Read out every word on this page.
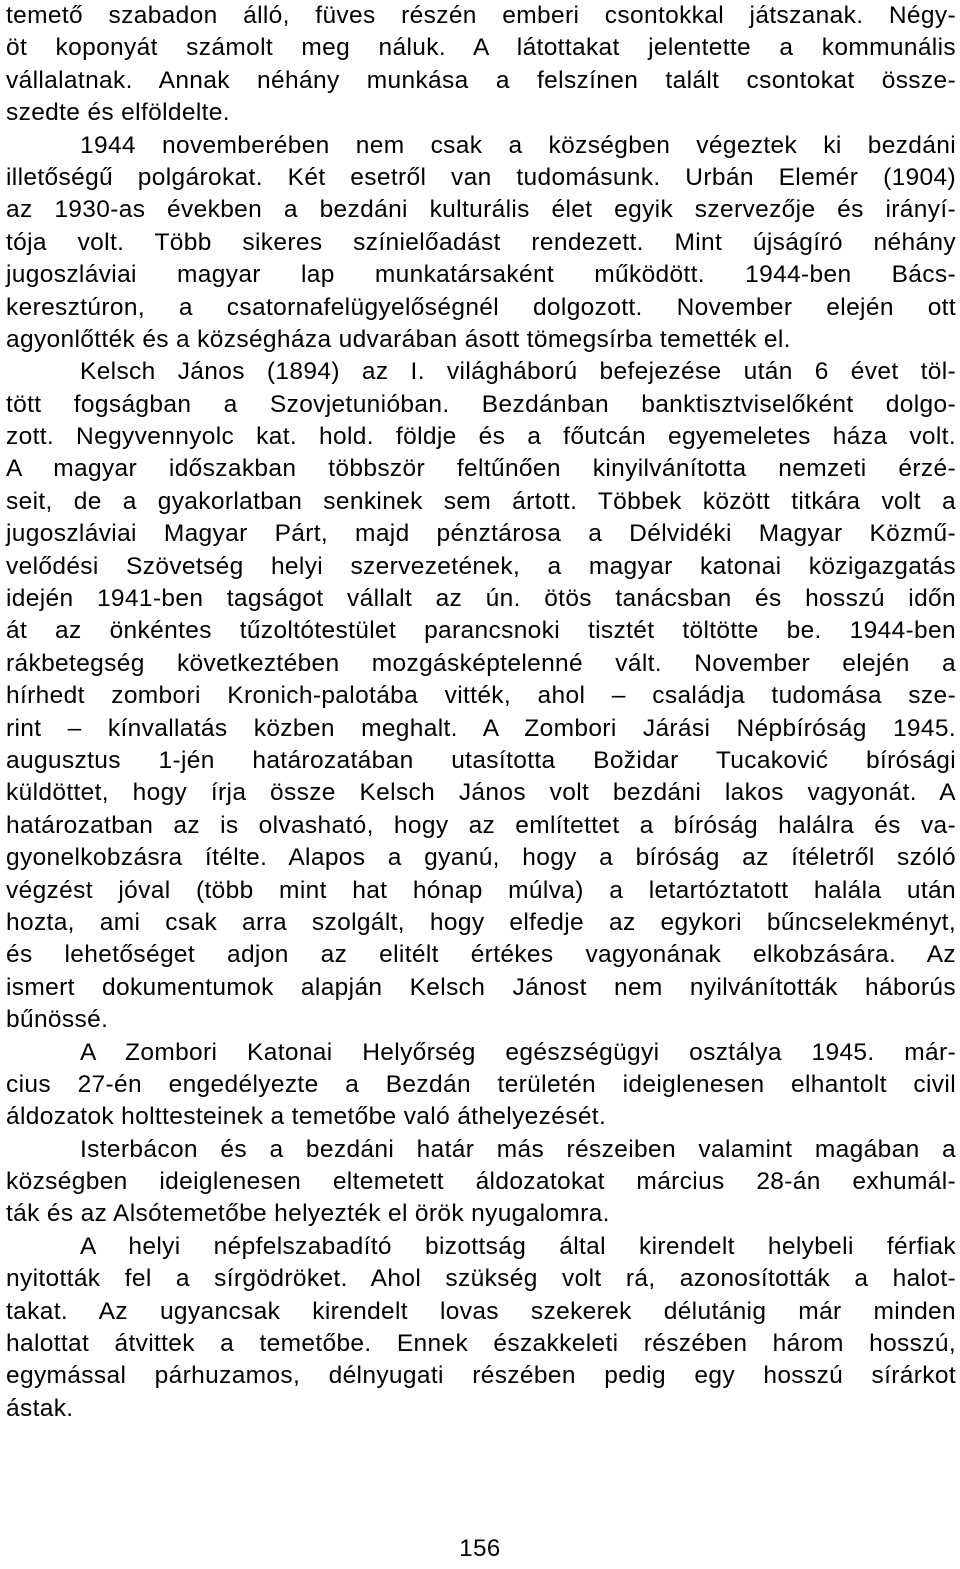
temető szabadon álló, füves részén emberi csontokkal játszanak. Négy-
öt koponyát számolt meg náluk. A látottakat jelentette a kommunális
vállalatnak. Annak néhány munkása a felszínen talált csontokat össze-
szedte és elföldelte.
1944 novemberében nem csak a községben végeztek ki bezdáni
illetőségű polgárokat. Két esetről van tudomásunk. Urbán Elemér (1904)
az 1930-as években a bezdáni kulturális élet egyik szervezője és irányí-
tója volt. Több sikeres színielőadást rendezett. Mint újságíró néhány
jugoszláviai magyar lap munkatársaként működött. 1944-ben Bács-
keresztúron, a csatornafelügyelőségnél dolgozott. November elején ott
agyonlőtték és a községháza udvarában ásott tömegsírba temették el.
Kelsch János (1894) az I. világháború befejezése után 6 évet töl-
tött fogságban a Szovjetunióban. Bezdánban banktisztviselőként dolgo-
zott. Negyvennyolc kat. hold. földje és a főutcán egyemeletes háza volt.
A magyar időszakban többször feltűnően kinyilvánította nemzeti érzé-
seit, de a gyakorlatban senkinek sem ártott. Többek között titkára volt a
jugoszláviai Magyar Párt, majd pénztárosa a Délvidéki Magyar Közmű-
velődési Szövetség helyi szervezetének, a magyar katonai közigazgatás
idején 1941-ben tagságot vállalt az ún. ötös tanácsban és hosszú időn
át az önkéntes tűzoltótestület parancsnoki tisztét töltötte be. 1944-ben
rákbetegség következtében mozgásképtelenné vált. November elején a
hírhedt zombori Kronich-palotába vitték, ahol – családja tudomása sze-
rint – kínvallatás közben meghalt. A Zombori Járási Népbíróság 1945.
augusztus 1-jén határozatában utasította Božidar Tucaković bírósági
küldöttet, hogy írja össze Kelsch János volt bezdáni lakos vagyonát. A
határozatban az is olvasható, hogy az említettet a bíróság halálra és va-
gyonelkobzásra ítélte. Alapos a gyanú, hogy a bíróság az ítéletről szóló
végzést jóval (több mint hat hónap múlva) a letartóztatott halála után
hozta, ami csak arra szolgált, hogy elfedje az egykori bűncselekményt,
és lehetőséget adjon az elitélt értékes vagyonának elkobzására. Az
ismert dokumentumok alapján Kelsch Jánost nem nyilvánították háborús
bűnössé.
A Zombori Katonai Helyőrség egészségügyi osztálya 1945. már-
cius 27-én engedélyezte a Bezdán területén ideiglenesen elhantolt civil
áldozatok holttesteinek a temetőbe való áthelyezését.
Isterbácon és a bezdáni határ más részeiben valamint magában a
községben ideiglenesen eltemetett áldozatokat március 28-án exhumál-
ták és az Alsótemetőbe helyezték el örök nyugalomra.
A helyi népfelszabadító bizottság által kirendelt helybeli férfiak
nyitották fel a sírgödröket. Ahol szükség volt rá, azonosították a halot-
takat. Az ugyancsak kirendelt lovas szekerek délutánig már minden
halottat átvittek a temetőbe. Ennek északkeleti részében három hosszú,
egymással párhuzamos, délnyugati részében pedig egy hosszú sírárkot
ástak.
156
